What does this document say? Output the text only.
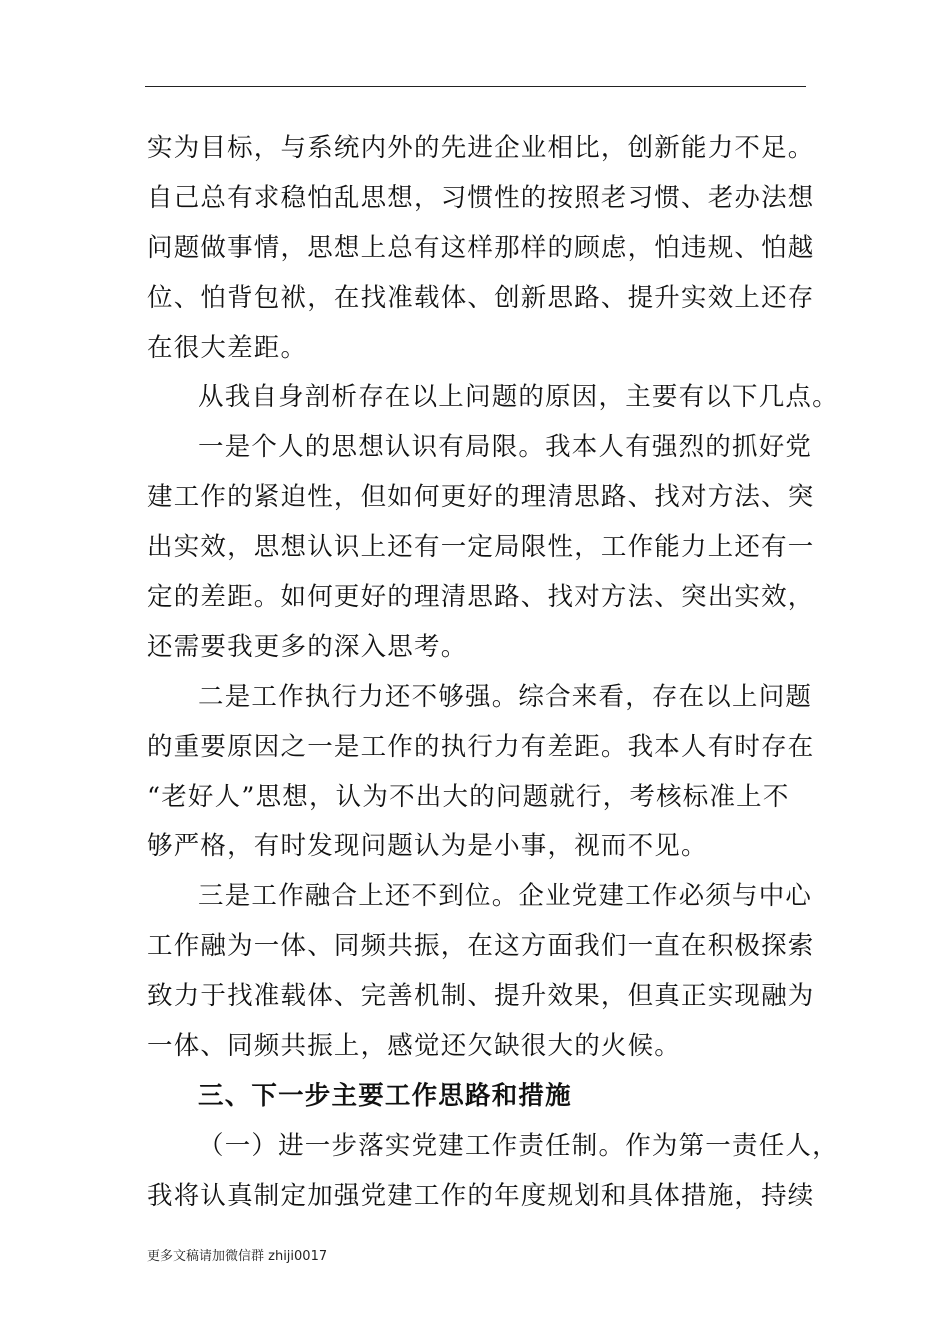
实为目标，与系统内外的先进企业相比，创新能力不足。
自己总有求稳怕乱思想，习惯性的按照老习惯、老办法想
问题做事情，思想上总有这样那样的顾虑，怕违规、怕越
位、怕背包袱，在找准载体、创新思路、提升实效上还存
在很大差距。
从我自身剖析存在以上问题的原因，主要有以下几点。
一是个人的思想认识有局限。我本人有强烈的抓好党
建工作的紧迫性，但如何更好的理清思路、找对方法、突
出实效，思想认识上还有一定局限性，工作能力上还有一
定的差距。如何更好的理清思路、找对方法、突出实效，
还需要我更多的深入思考。
二是工作执行力还不够强。综合来看，存在以上问题
的重要原因之一是工作的执行力有差距。我本人有时存在
“老好人”思想，认为不出大的问题就行，考核标准上不
够严格，有时发现问题认为是小事，视而不见。
三是工作融合上还不到位。企业党建工作必须与中心
工作融为一体、同频共振，在这方面我们一直在积极探索
致力于找准载体、完善机制、提升效果，但真正实现融为
一体、同频共振上，感觉还欠缺很大的火候。
三、下一步主要工作思路和措施
（一）进一步落实党建工作责任制。作为第一责任人，
我将认真制定加强党建工作的年度规划和具体措施，持续
更多文稿请加微信群 zhiji0017
